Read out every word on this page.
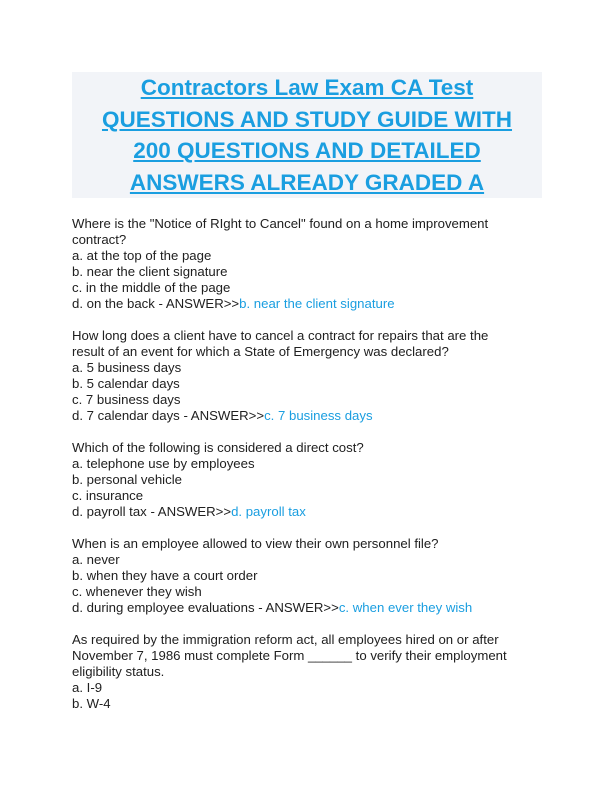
Contractors Law Exam CA Test
QUESTIONS AND STUDY GUIDE WITH
200 QUESTIONS AND DETAILED
ANSWERS ALREADY GRADED A
Where is the "Notice of RIght to Cancel" found on a home improvement
contract?
a. at the top of the page
b. near the client signature
c. in the middle of the page
d. on the back - ANSWER>>b. near the client signature
How long does a client have to cancel a contract for repairs that are the
result of an event for which a State of Emergency was declared?
a. 5 business days
b. 5 calendar days
c. 7 business days
d. 7 calendar days - ANSWER>>c. 7 business days
Which of the following is considered a direct cost?
a. telephone use by employees
b. personal vehicle
c. insurance
d. payroll tax - ANSWER>>d. payroll tax
When is an employee allowed to view their own personnel file?
a. never
b. when they have a court order
c. whenever they wish
d. during employee evaluations - ANSWER>>c. when ever they wish
As required by the immigration reform act, all employees hired on or after
November 7, 1986 must complete Form ______ to verify their employment
eligibility status.
a. I-9
b. W-4
